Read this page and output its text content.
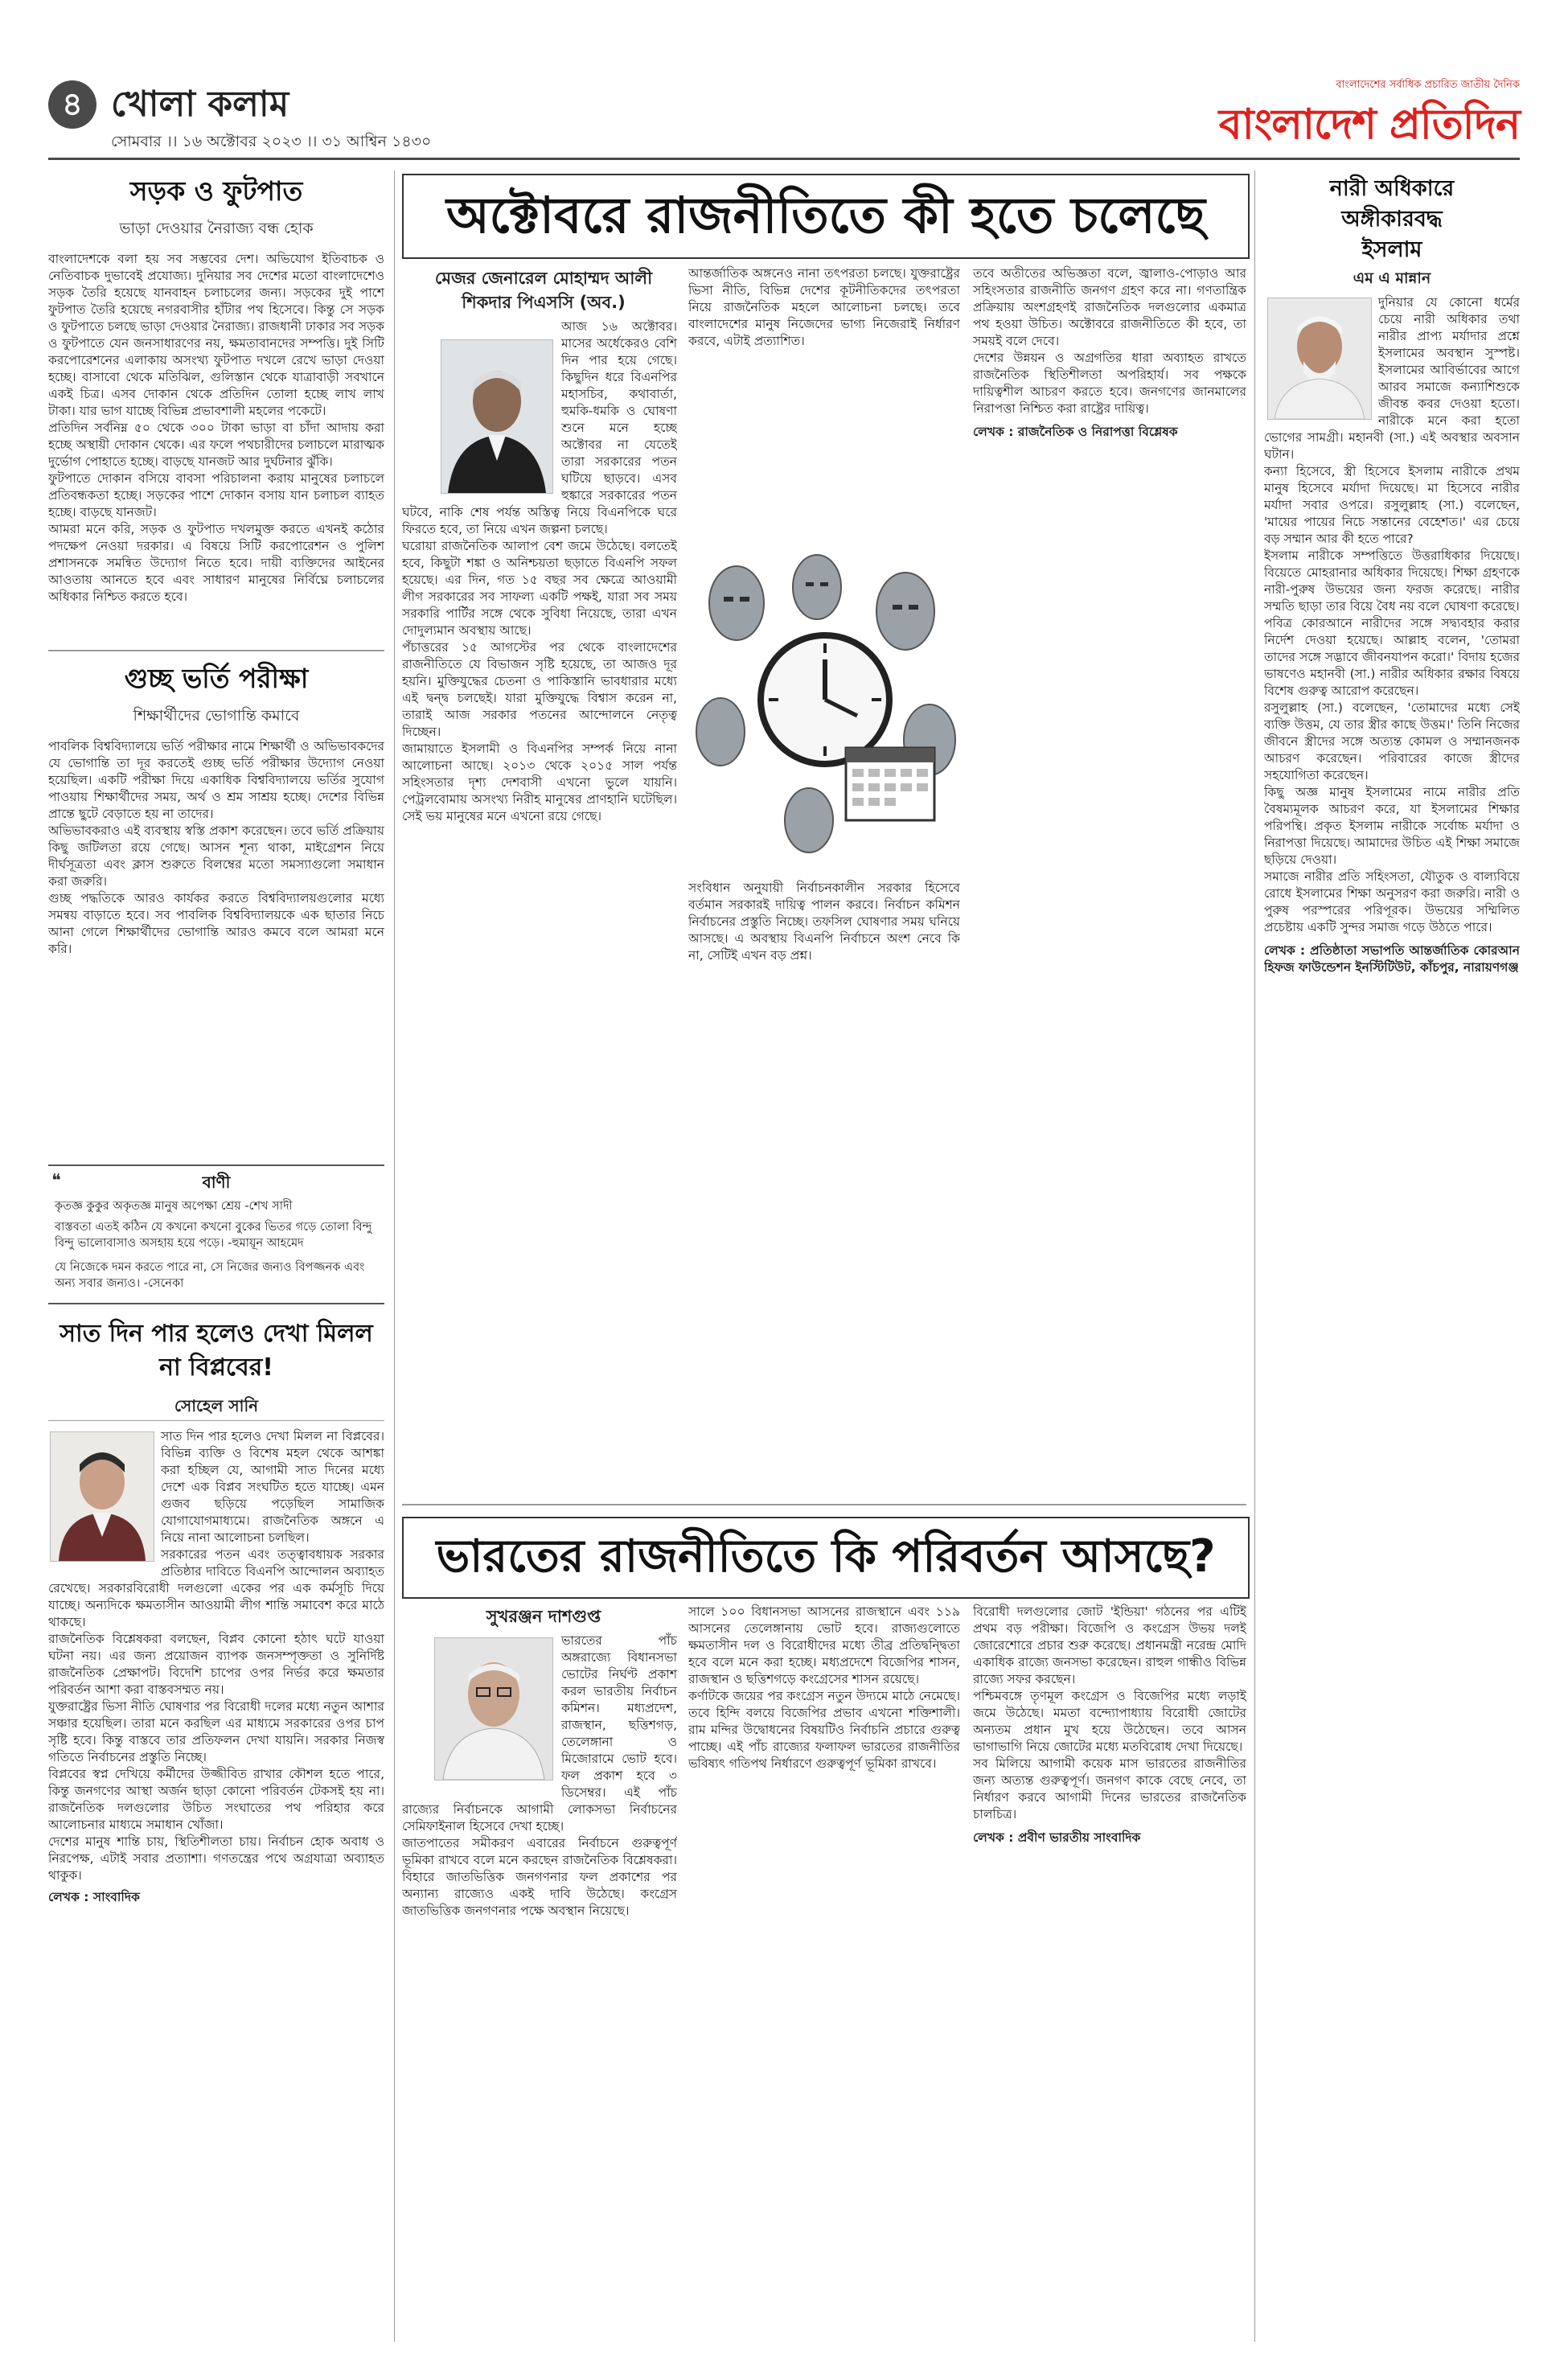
৪ খোলা কলাম
সোমবার ।। ১৬ অক্টোবর ২০২৩ ।। ৩১ আশ্বিন ১৪৩০
বাংলাদেশের সর্বাধিক প্রচারিত জাতীয় দৈনিক
বাংলাদেশ প্রতিদিন
সড়ক ও ফুটপাত
ভাড়া দেওয়ার নৈরাজ্য বন্ধ হোক

বাংলাদেশকে বলা হয় সব সম্ভবের দেশ। অভিযোগ ইতিবাচক ও নেতিবাচক দুভাবেই প্রযোজ্য। দুনিয়ার সব দেশের মতো বাংলাদেশেও সড়ক তৈরি হয়েছে যানবাহন চলাচলের জন্য। সড়কের দুই পাশে ফুটপাত তৈরি হয়েছে নগরবাসীর হাঁটার পথ হিসেবে। কিন্তু সে সড়ক ও ফুটপাতে চলছে ভাড়া দেওয়ার নৈরাজ্য। রাজধানী ঢাকার সব সড়ক ও ফুটপাতে যেন জনসাধারণের নয়, ক্ষমতাবানদের সম্পত্তি। দুই সিটি করপোরেশনের এলাকায় অসংখ্য ফুটপাত দখলে রেখে ভাড়া দেওয়া হচ্ছে। বাসাবো থেকে মতিঝিল, গুলিস্তান থেকে যাত্রাবাড়ী সবখানে একই চিত্র। এসব দোকান থেকে প্রতিদিন তোলা হচ্ছে লাখ লাখ টাকা। যার ভাগ যাচ্ছে বিভিন্ন প্রভাবশালী মহলের পকেটে।

প্রতিদিন সর্বনিম্ন ৫০ থেকে ৩০০ টাকা ভাড়া বা চাঁদা আদায় করা হচ্ছে অস্থায়ী দোকান থেকে। এর ফলে পথচারীদের চলাচলে মারাত্মক দুর্ভোগ পোহাতে হচ্ছে। বাড়ছে যানজট আর দুর্ঘটনার ঝুঁকি।

ফুটপাতে দোকান বসিয়ে বাবসা পরিচালনা করায় মানুষের চলাচলে প্রতিবন্ধকতা হচ্ছে। সড়কের পাশে দোকান বসায় যান চলাচল ব্যাহত হচ্ছে। বাড়ছে যানজট।

আমরা মনে করি, সড়ক ও ফুটপাত দখলমুক্ত করতে এখনই কঠোর পদক্ষেপ নেওয়া দরকার। এ বিষয়ে সিটি করপোরেশন ও পুলিশ প্রশাসনকে সমন্বিত উদ্যোগ নিতে হবে। দায়ী ব্যক্তিদের আইনের আওতায় আনতে হবে এবং সাধারণ মানুষের নির্বিঘ্নে চলাচলের অধিকার নিশ্চিত করতে হবে।

গুচ্ছ ভর্তি পরীক্ষা
শিক্ষার্থীদের ভোগান্তি কমাবে

পাবলিক বিশ্ববিদ্যালয়ে ভর্তি পরীক্ষার নামে শিক্ষার্থী ও অভিভাবকদের যে ভোগান্তি তা দূর করতেই গুচ্ছ ভর্তি পরীক্ষার উদ্যোগ নেওয়া হয়েছিল। একটি পরীক্ষা দিয়ে একাধিক বিশ্ববিদ্যালয়ে ভর্তির সুযোগ পাওয়ায় শিক্ষার্থীদের সময়, অর্থ ও শ্রম সাশ্রয় হচ্ছে। দেশের বিভিন্ন প্রান্তে ছুটে বেড়াতে হয় না তাদের।

অভিভাবকরাও এই ব্যবস্থায় স্বস্তি প্রকাশ করেছেন। তবে ভর্তি প্রক্রিয়ায় কিছু জটিলতা রয়ে গেছে। আসন শূন্য থাকা, মাইগ্রেশন নিয়ে দীর্ঘসূত্রতা এবং ক্লাস শুরুতে বিলম্বের মতো সমস্যাগুলো সমাধান করা জরুরি।

গুচ্ছ পদ্ধতিকে আরও কার্যকর করতে বিশ্ববিদ্যালয়গুলোর মধ্যে সমন্বয় বাড়াতে হবে। সব পাবলিক বিশ্ববিদ্যালয়কে এক ছাতার নিচে আনা গেলে শিক্ষার্থীদের ভোগান্তি আরও কমবে বলে আমরা মনে করি।

❝	বাণী
কৃতজ্ঞ কুকুর অকৃতজ্ঞ মানুষ অপেক্ষা শ্রেয় -শেখ সাদী
বাস্তবতা এতই কঠিন যে কখনো কখনো বুকের ভিতর গড়ে তোলা বিন্দু বিন্দু ভালোবাসাও অসহায় হয়ে পড়ে। -হুমায়ূন আহমেদ
যে নিজেকে দমন করতে পারে না, সে নিজের জন্যও বিপজ্জনক এবং অন্য সবার জন্যও। -সেনেকা
সাত দিন পার হলেও দেখা মিলল না বিপ্লবের!
সোহেল সানি

সাত দিন পার হলেও দেখা মিলল না বিপ্লবের। বিভিন্ন ব্যক্তি ও বিশেষ মহল থেকে আশঙ্কা করা হচ্ছিল যে, আগামী সাত দিনের মধ্যে দেশে এক বিপ্লব সংঘটিত হতে যাচ্ছে। এমন গুজব ছড়িয়ে পড়েছিল সামাজিক যোগাযোগমাধ্যমে। রাজনৈতিক অঙ্গনে এ নিয়ে নানা আলোচনা চলছিল।

সরকারের পতন এবং তত্ত্বাবধায়ক সরকার প্রতিষ্ঠার দাবিতে বিএনপি আন্দোলন অব্যাহত রেখেছে। সরকারবিরোধী দলগুলো একের পর এক কর্মসূচি দিয়ে যাচ্ছে। অন্যদিকে ক্ষমতাসীন আওয়ামী লীগ শান্তি সমাবেশ করে মাঠে থাকছে।

রাজনৈতিক বিশ্লেষকরা বলছেন, বিপ্লব কোনো হঠাৎ ঘটে যাওয়া ঘটনা নয়। এর জন্য প্রয়োজন ব্যাপক জনসম্পৃক্ততা ও সুনির্দিষ্ট রাজনৈতিক প্রেক্ষাপট। বিদেশি চাপের ওপর নির্ভর করে ক্ষমতার পরিবর্তন আশা করা বাস্তবসম্মত নয়।

যুক্তরাষ্ট্রের ভিসা নীতি ঘোষণার পর বিরোধী দলের মধ্যে নতুন আশার সঞ্চার হয়েছিল। তারা মনে করছিল এর মাধ্যমে সরকারের ওপর চাপ সৃষ্টি হবে। কিন্তু বাস্তবে তার প্রতিফলন দেখা যায়নি। সরকার নিজস্ব গতিতে নির্বাচনের প্রস্তুতি নিচ্ছে।

বিপ্লবের স্বপ্ন দেখিয়ে কর্মীদের উজ্জীবিত রাখার কৌশল হতে পারে, কিন্তু জনগণের আস্থা অর্জন ছাড়া কোনো পরিবর্তন টেকসই হয় না। রাজনৈতিক দলগুলোর উচিত সংঘাতের পথ পরিহার করে আলোচনার মাধ্যমে সমাধান খোঁজা।

দেশের মানুষ শান্তি চায়, স্থিতিশীলতা চায়। নির্বাচন হোক অবাধ ও নিরপেক্ষ, এটাই সবার প্রত্যাশা। গণতন্ত্রের পথে অগ্রযাত্রা অব্যাহত থাকুক।

লেখক : সাংবাদিক

অক্টোবরে রাজনীতিতে কী হতে চলেছে
মেজর জেনারেল মোহাম্মদ আলী
শিকদার পিএসসি (অব.)

আজ ১৬ অক্টোবর। মাসের অর্ধেকেরও বেশি দিন পার হয়ে গেছে। কিছুদিন ধরে বিএনপির মহাসচিব, কথাবার্তা, হুমকি-ধমকি ও ঘোষণা শুনে মনে হচ্ছে অক্টোবর না যেতেই তারা সরকারের পতন ঘটিয়ে ছাড়বে। এসব হুঙ্কারে সরকারের পতন ঘটবে, নাকি শেষ পর্যন্ত অস্তিত্ব নিয়ে বিএনপিকে ঘরে ফিরতে হবে, তা নিয়ে এখন জল্পনা চলছে।

ঘরোয়া রাজনৈতিক আলাপ বেশ জমে উঠেছে। বলতেই হবে, কিছুটা শঙ্কা ও অনিশ্চয়তা ছড়াতে বিএনপি সফল হয়েছে। এর দিন, গত ১৫ বছর সব ক্ষেত্রে আওয়ামী লীগ সরকারের সব সাফল্য একটি পক্ষই, যারা সব সময় সরকারি পার্টির সঙ্গে থেকে সুবিধা নিয়েছে, তারা এখন দোদুল্যমান অবস্থায় আছে।

পঁচাত্তরের ১৫ আগস্টের পর থেকে বাংলাদেশের রাজনীতিতে যে বিভাজন সৃষ্টি হয়েছে, তা আজও দূর হয়নি। মুক্তিযুদ্ধের চেতনা ও পাকিস্তানি ভাবধারার মধ্যে এই দ্বন্দ্ব চলছেই। যারা মুক্তিযুদ্ধে বিশ্বাস করেন না, তারাই আজ সরকার পতনের আন্দোলনে নেতৃত্ব দিচ্ছেন।

জামায়াতে ইসলামী ও বিএনপির সম্পর্ক নিয়ে নানা আলোচনা আছে। ২০১৩ থেকে ২০১৫ সাল পর্যন্ত সহিংসতার দৃশ্য দেশবাসী এখনো ভুলে যায়নি। পেট্রলবোমায় অসংখ্য নিরীহ মানুষের প্রাণহানি ঘটেছিল। সেই ভয় মানুষের মনে এখনো রয়ে গেছে।

আন্তর্জাতিক অঙ্গনেও নানা তৎপরতা চলছে। যুক্তরাষ্ট্রের ভিসা নীতি, বিভিন্ন দেশের কূটনীতিকদের তৎপরতা নিয়ে রাজনৈতিক মহলে আলোচনা চলছে। তবে বাংলাদেশের মানুষ নিজেদের ভাগ্য নিজেরাই নির্ধারণ করবে, এটাই প্রত্যাশিত।

সংবিধান অনুযায়ী নির্বাচনকালীন সরকার হিসেবে বর্তমান সরকারই দায়িত্ব পালন করবে। নির্বাচন কমিশন নির্বাচনের প্রস্তুতি নিচ্ছে। তফসিল ঘোষণার সময় ঘনিয়ে আসছে। এ অবস্থায় বিএনপি নির্বাচনে অংশ নেবে কি না, সেটিই এখন বড় প্রশ্ন।

তবে অতীতের অভিজ্ঞতা বলে, জ্বালাও-পোড়াও আর সহিংসতার রাজনীতি জনগণ গ্রহণ করে না। গণতান্ত্রিক প্রক্রিয়ায় অংশগ্রহণই রাজনৈতিক দলগুলোর একমাত্র পথ হওয়া উচিত। অক্টোবরে রাজনীতিতে কী হবে, তা সময়ই বলে দেবে।

দেশের উন্নয়ন ও অগ্রগতির ধারা অব্যাহত রাখতে রাজনৈতিক স্থিতিশীলতা অপরিহার্য। সব পক্ষকে দায়িত্বশীল আচরণ করতে হবে। জনগণের জানমালের নিরাপত্তা নিশ্চিত করা রাষ্ট্রের দায়িত্ব।

লেখক : রাজনৈতিক ও নিরাপত্তা বিশ্লেষক

ভারতের রাজনীতিতে কি পরিবর্তন আসছে?
সুখরঞ্জন দাশগুপ্ত

ভারতের পাঁচ অঙ্গরাজ্যে বিধানসভা ভোটের নির্ঘণ্ট প্রকাশ করল ভারতীয় নির্বাচন কমিশন। মধ্যপ্রদেশ, রাজস্থান, ছত্তিশগড়, তেলেঙ্গানা ও মিজোরামে ভোট হবে। ফল প্রকাশ হবে ৩ ডিসেম্বর। এই পাঁচ রাজ্যের নির্বাচনকে আগামী লোকসভা নির্বাচনের সেমিফাইনাল হিসেবে দেখা হচ্ছে।

জাতপাতের সমীকরণ এবারের নির্বাচনে গুরুত্বপূর্ণ ভূমিকা রাখবে বলে মনে করছেন রাজনৈতিক বিশ্লেষকরা। বিহারে জাতভিত্তিক জনগণনার ফল প্রকাশের পর অন্যান্য রাজ্যেও একই দাবি উঠেছে। কংগ্রেস জাতভিত্তিক জনগণনার পক্ষে অবস্থান নিয়েছে।

সালে ১০০ বিধানসভা আসনের রাজস্থানে এবং ১১৯ আসনের তেলেঙ্গানায় ভোট হবে। রাজ্যগুলোতে ক্ষমতাসীন দল ও বিরোধীদের মধ্যে তীব্র প্রতিদ্বন্দ্বিতা হবে বলে মনে করা হচ্ছে। মধ্যপ্রদেশে বিজেপির শাসন, রাজস্থান ও ছত্তিশগড়ে কংগ্রেসের শাসন রয়েছে।

কর্ণাটকে জয়ের পর কংগ্রেস নতুন উদ্যমে মাঠে নেমেছে। তবে হিন্দি বলয়ে বিজেপির প্রভাব এখনো শক্তিশালী। রাম মন্দির উদ্বোধনের বিষয়টিও নির্বাচনি প্রচারে গুরুত্ব পাচ্ছে। এই পাঁচ রাজ্যের ফলাফল ভারতের রাজনীতির ভবিষ্যৎ গতিপথ নির্ধারণে গুরুত্বপূর্ণ ভূমিকা রাখবে।

বিরোধী দলগুলোর জোট 'ইন্ডিয়া' গঠনের পর এটিই প্রথম বড় পরীক্ষা। বিজেপি ও কংগ্রেস উভয় দলই জোরেশোরে প্রচার শুরু করেছে। প্রধানমন্ত্রী নরেন্দ্র মোদি একাধিক রাজ্যে জনসভা করেছেন। রাহুল গান্ধীও বিভিন্ন রাজ্যে সফর করছেন।

পশ্চিমবঙ্গে তৃণমূল কংগ্রেস ও বিজেপির মধ্যে লড়াই জমে উঠেছে। মমতা বন্দ্যোপাধ্যায় বিরোধী জোটের অন্যতম প্রধান মুখ হয়ে উঠেছেন। তবে আসন ভাগাভাগি নিয়ে জোটের মধ্যে মতবিরোধ দেখা দিয়েছে।

সব মিলিয়ে আগামী কয়েক মাস ভারতের রাজনীতির জন্য অত্যন্ত গুরুত্বপূর্ণ। জনগণ কাকে বেছে নেবে, তা নির্ধারণ করবে আগামী দিনের ভারতের রাজনৈতিক চালচিত্র।

লেখক : প্রবীণ ভারতীয় সাংবাদিক

নারী অধিকারে
অঙ্গীকারবদ্ধ
ইসলাম
এম এ মান্নান

দুনিয়ার যে কোনো ধর্মের চেয়ে নারী অধিকার তথা নারীর প্রাপ্য মর্যাদার প্রশ্নে ইসলামের অবস্থান সুস্পষ্ট। ইসলামের আবির্ভাবের আগে আরব সমাজে কন্যাশিশুকে জীবন্ত কবর দেওয়া হতো। নারীকে মনে করা হতো ভোগের সামগ্রী। মহানবী (সা.) এই অবস্থার অবসান ঘটান।

কন্যা হিসেবে, স্ত্রী হিসেবে ইসলাম নারীকে প্রথম মানুষ হিসেবে মর্যাদা দিয়েছে। মা হিসেবে নারীর মর্যাদা সবার ওপরে। রসুলুল্লাহ (সা.) বলেছেন, 'মায়ের পায়ের নিচে সন্তানের বেহেশত।' এর চেয়ে বড় সম্মান আর কী হতে পারে?

ইসলাম নারীকে সম্পত্তিতে উত্তরাধিকার দিয়েছে। বিয়েতে মোহরানার অধিকার দিয়েছে। শিক্ষা গ্রহণকে নারী-পুরুষ উভয়ের জন্য ফরজ করেছে। নারীর সম্মতি ছাড়া তার বিয়ে বৈধ নয় বলে ঘোষণা করেছে।

পবিত্র কোরআনে নারীদের সঙ্গে সদ্ব্যবহার করার নির্দেশ দেওয়া হয়েছে। আল্লাহ বলেন, 'তোমরা তাদের সঙ্গে সদ্ভাবে জীবনযাপন করো।' বিদায় হজের ভাষণেও মহানবী (সা.) নারীর অধিকার রক্ষার বিষয়ে বিশেষ গুরুত্ব আরোপ করেছেন।

রসুলুল্লাহ (সা.) বলেছেন, 'তোমাদের মধ্যে সেই ব্যক্তি উত্তম, যে তার স্ত্রীর কাছে উত্তম।' তিনি নিজের জীবনে স্ত্রীদের সঙ্গে অত্যন্ত কোমল ও সম্মানজনক আচরণ করেছেন। পরিবারের কাজে স্ত্রীদের সহযোগিতা করেছেন।

কিছু অজ্ঞ মানুষ ইসলামের নামে নারীর প্রতি বৈষম্যমূলক আচরণ করে, যা ইসলামের শিক্ষার পরিপন্থি। প্রকৃত ইসলাম নারীকে সর্বোচ্চ মর্যাদা ও নিরাপত্তা দিয়েছে। আমাদের উচিত এই শিক্ষা সমাজে ছড়িয়ে দেওয়া।

সমাজে নারীর প্রতি সহিংসতা, যৌতুক ও বাল্যবিয়ে রোধে ইসলামের শিক্ষা অনুসরণ করা জরুরি। নারী ও পুরুষ পরস্পরের পরিপূরক। উভয়ের সম্মিলিত প্রচেষ্টায় একটি সুন্দর সমাজ গড়ে উঠতে পারে।

লেখক : প্রতিষ্ঠাতা সভাপতি আন্তর্জাতিক কোরআন হিফজ ফাউন্ডেশন ইনস্টিটিউট, কাঁচপুর, নারায়ণগঞ্জ
